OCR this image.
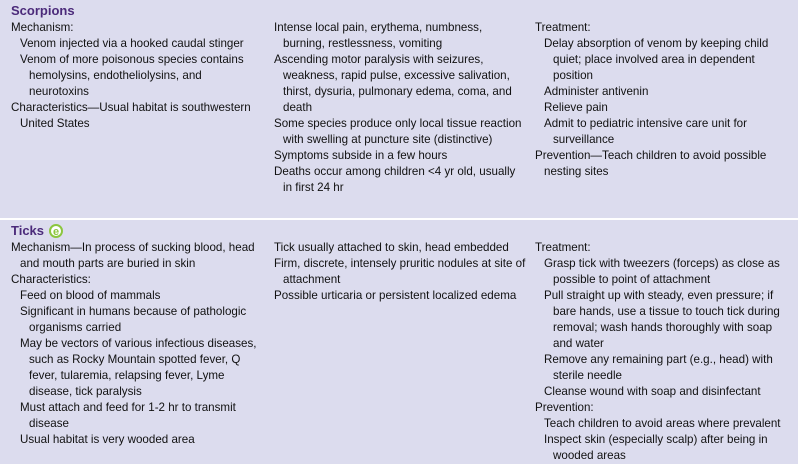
Scorpions
Mechanism:
Venom injected via a hooked caudal stinger
Venom of more poisonous species contains hemolysins, endotheliolysins, and neurotoxins
Characteristics—Usual habitat is southwestern United States
Intense local pain, erythema, numbness, burning, restlessness, vomiting
Ascending motor paralysis with seizures, weakness, rapid pulse, excessive salivation, thirst, dysuria, pulmonary edema, coma, and death
Some species produce only local tissue reaction with swelling at puncture site (distinctive)
Symptoms subside in a few hours
Deaths occur among children <4 yr old, usually in first 24 hr
Treatment:
Delay absorption of venom by keeping child quiet; place involved area in dependent position
Administer antivenin
Relieve pain
Admit to pediatric intensive care unit for surveillance
Prevention—Teach children to avoid possible nesting sites
Ticks e
Mechanism—In process of sucking blood, head and mouth parts are buried in skin
Characteristics:
Feed on blood of mammals
Significant in humans because of pathologic organisms carried
May be vectors of various infectious diseases, such as Rocky Mountain spotted fever, Q fever, tularemia, relapsing fever, Lyme disease, tick paralysis
Must attach and feed for 1-2 hr to transmit disease
Usual habitat is very wooded area
Tick usually attached to skin, head embedded
Firm, discrete, intensely pruritic nodules at site of attachment
Possible urticaria or persistent localized edema
Treatment:
Grasp tick with tweezers (forceps) as close as possible to point of attachment
Pull straight up with steady, even pressure; if bare hands, use a tissue to touch tick during removal; wash hands thoroughly with soap and water
Remove any remaining part (e.g., head) with sterile needle
Cleanse wound with soap and disinfectant
Prevention:
Teach children to avoid areas where prevalent
Inspect skin (especially scalp) after being in wooded areas
